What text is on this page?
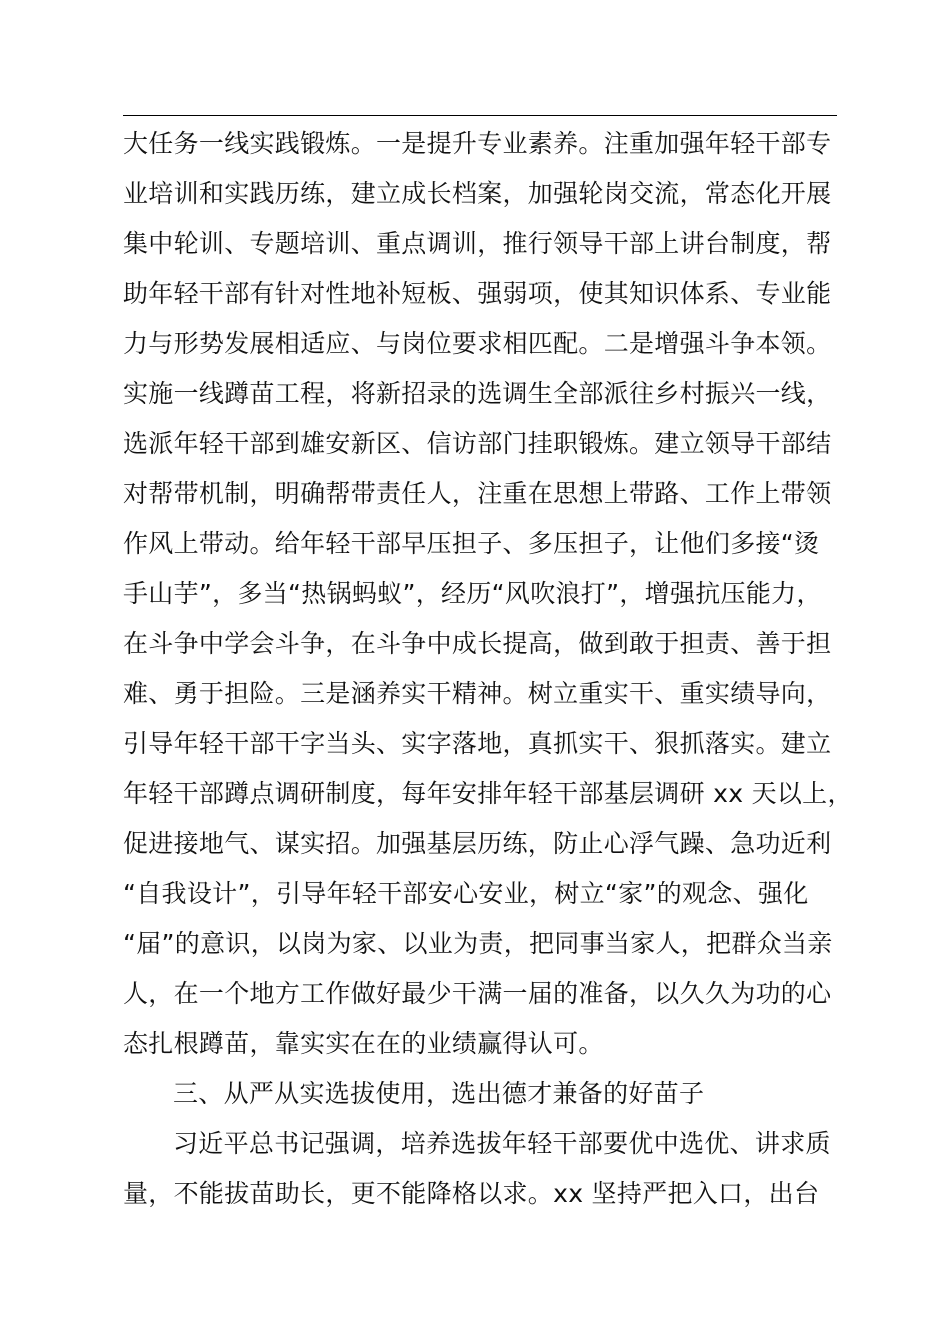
大任务一线实践锻炼。一是提升专业素养。注重加强年轻干部专
业培训和实践历练，建立成长档案，加强轮岗交流，常态化开展
集中轮训、专题培训、重点调训，推行领导干部上讲台制度，帮
助年轻干部有针对性地补短板、强弱项，使其知识体系、专业能
力与形势发展相适应、与岗位要求相匹配。二是增强斗争本领。
实施一线蹲苗工程，将新招录的选调生全部派往乡村振兴一线，
选派年轻干部到雄安新区、信访部门挂职锻炼。建立领导干部结
对帮带机制，明确帮带责任人，注重在思想上带路、工作上带领
作风上带动。给年轻干部早压担子、多压担子，让他们多接“烫
手山芋”，多当“热锅蚂蚁”，经历“风吹浪打”，增强抗压能力，
在斗争中学会斗争，在斗争中成长提高，做到敢于担责、善于担
难、勇于担险。三是涵养实干精神。树立重实干、重实绩导向，
引导年轻干部干字当头、实字落地，真抓实干、狠抓落实。建立
年轻干部蹲点调研制度，每年安排年轻干部基层调研 xx 天以上，
促进接地气、谋实招。加强基层历练，防止心浮气躁、急功近利
“自我设计”，引导年轻干部安心安业，树立“家”的观念、强化
“届”的意识，以岗为家、以业为责，把同事当家人，把群众当亲
人，在一个地方工作做好最少干满一届的准备，以久久为功的心
态扎根蹲苗，靠实实在在的业绩赢得认可。
三、从严从实选拔使用，选出德才兼备的好苗子
习近平总书记强调，培养选拔年轻干部要优中选优、讲求质
量，不能拔苗助长，更不能降格以求。xx 坚持严把入口，出台
